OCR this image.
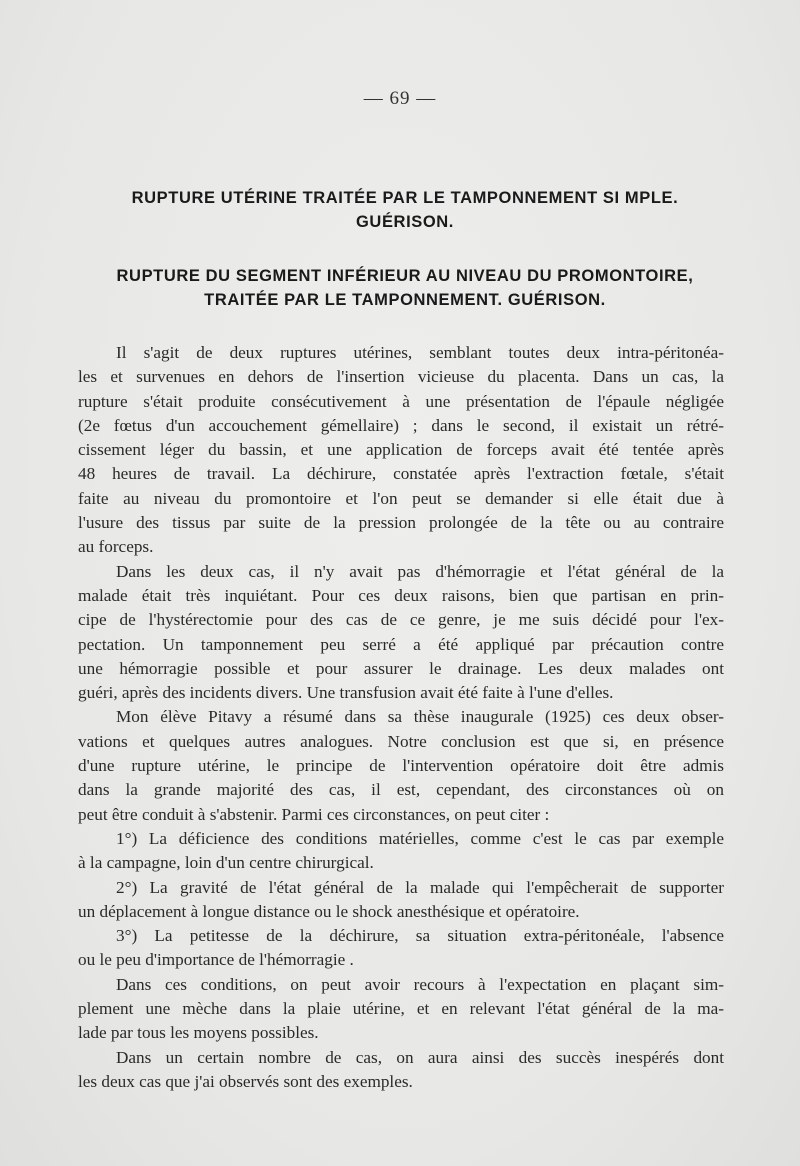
— 69 —
RUPTURE UTÉRINE TRAITÉE PAR LE TAMPONNEMENT SI MPLE.
GUÉRISON.
RUPTURE DU SEGMENT INFÉRIEUR AU NIVEAU DU PROMONTOIRE,
TRAITÉE PAR LE TAMPONNEMENT. GUÉRISON.
Il s'agit de deux ruptures utérines, semblant toutes deux intra-péritonéa-
les et survenues en dehors de l'insertion vicieuse du placenta. Dans un cas, la
rupture s'était produite consécutivement à une présentation de l'épaule négligée
(2e fœtus d'un accouchement gémellaire) ; dans le second, il existait un rétré-
cissement léger du bassin, et une application de forceps avait été tentée après
48 heures de travail. La déchirure, constatée après l'extraction fœtale, s'était
faite au niveau du promontoire et l'on peut se demander si elle était due à
l'usure des tissus par suite de la pression prolongée de la tête ou au contraire
au forceps.
Dans les deux cas, il n'y avait pas d'hémorragie et l'état général de la
malade était très inquiétant. Pour ces deux raisons, bien que partisan en prin-
cipe de l'hystérectomie pour des cas de ce genre, je me suis décidé pour l'ex-
pectation. Un tamponnement peu serré a été appliqué par précaution contre
une hémorragie possible et pour assurer le drainage. Les deux malades ont
guéri, après des incidents divers. Une transfusion avait été faite à l'une d'elles.
Mon élève Pitavy a résumé dans sa thèse inaugurale (1925) ces deux obser-
vations et quelques autres analogues. Notre conclusion est que si, en présence
d'une rupture utérine, le principe de l'intervention opératoire doit être admis
dans la grande majorité des cas, il est, cependant, des circonstances où on
peut être conduit à s'abstenir. Parmi ces circonstances, on peut citer :
1°) La déficience des conditions matérielles, comme c'est le cas par exemple
à la campagne, loin d'un centre chirurgical.
2°) La gravité de l'état général de la malade qui l'empêcherait de supporter
un déplacement à longue distance ou le shock anesthésique et opératoire.
3°) La petitesse de la déchirure, sa situation extra-péritonéale, l'absence
ou le peu d'importance de l'hémorragie .
Dans ces conditions, on peut avoir recours à l'expectation en plaçant sim-
plement une mèche dans la plaie utérine, et en relevant l'état général de la ma-
lade par tous les moyens possibles.
Dans un certain nombre de cas, on aura ainsi des succès inespérés dont
les deux cas que j'ai observés sont des exemples.
